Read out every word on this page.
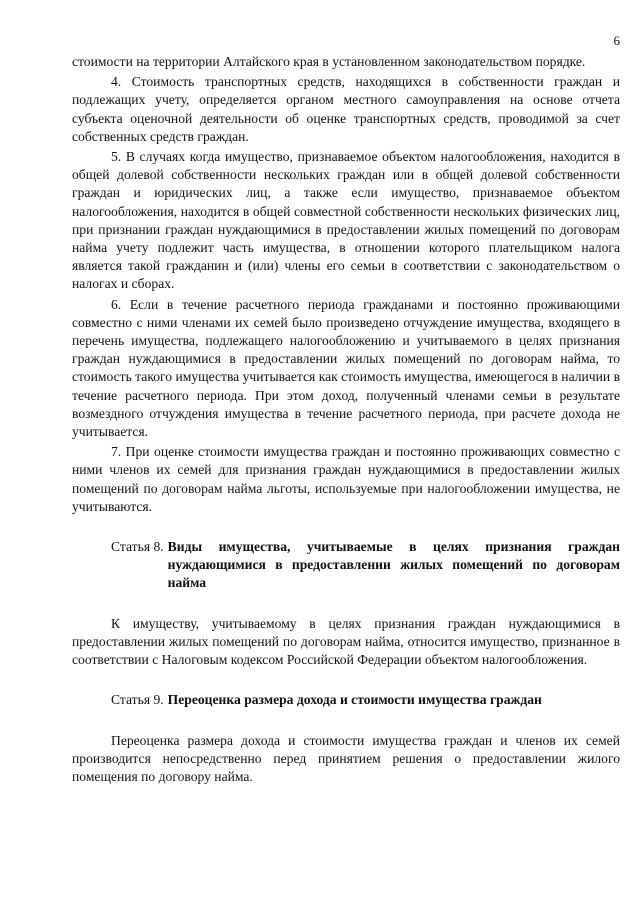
6

стоимости на территории Алтайского края в установленном законодательством порядке.

4. Стоимость транспортных средств, находящихся в собственности граждан и подлежащих учету, определяется органом местного самоуправления на основе отчета субъекта оценочной деятельности об оценке транспортных средств, проводимой за счет собственных средств граждан.

5. В случаях когда имущество, признаваемое объектом налогообложения, находится в общей долевой собственности нескольких граждан или в общей долевой собственности граждан и юридических лиц, а также если имущество, признаваемое объектом налогообложения, находится в общей совместной собственности нескольких физических лиц, при признании граждан нуждающимися в предоставлении жилых помещений по договорам найма учету подлежит часть имущества, в отношении которого плательщиком налога является такой гражданин и (или) члены его семьи в соответствии с законодательством о налогах и сборах.

6. Если в течение расчетного периода гражданами и постоянно проживающими совместно с ними членами их семей было произведено отчуждение имущества, входящего в перечень имущества, подлежащего налогообложению и учитываемого в целях признания граждан нуждающимися в предоставлении жилых помещений по договорам найма, то стоимость такого имущества учитывается как стоимость имущества, имеющегося в наличии в течение расчетного периода. При этом доход, полученный членами семьи в результате возмездного отчуждения имущества в течение расчетного периода, при расчете дохода не учитывается.

7. При оценке стоимости имущества граждан и постоянно проживающих совместно с ними членов их семей для признания граждан нуждающимися в предоставлении жилых помещений по договорам найма льготы, используемые при налогообложении имущества, не учитываются.

Статья 8. Виды имущества, учитываемые в целях признания граждан нуждающимися в предоставлении жилых помещений по договорам найма

К имуществу, учитываемому в целях признания граждан нуждающимися в предоставлении жилых помещений по договорам найма, относится имущество, признанное в соответствии с Налоговым кодексом Российской Федерации объектом налогообложения.

Статья 9. Переоценка размера дохода и стоимости имущества граждан

Переоценка размера дохода и стоимости имущества граждан и членов их семей производится непосредственно перед принятием решения о предоставлении жилого помещения по договору найма.
